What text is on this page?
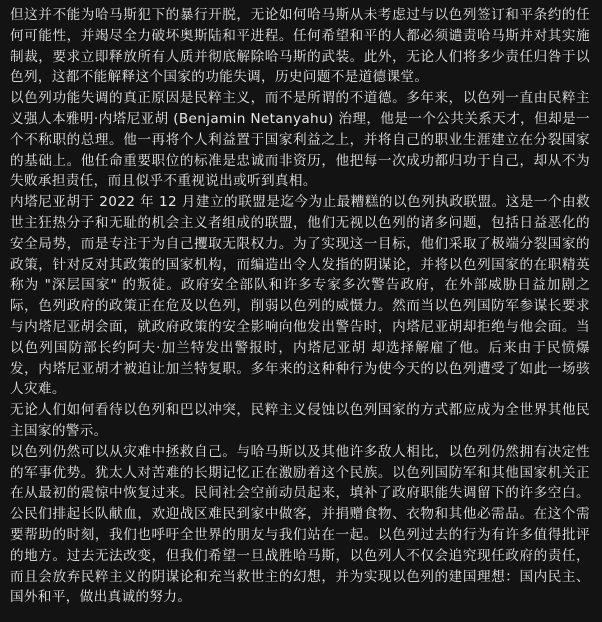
但这并不能为哈马斯犯下的暴行开脱，无论如何哈马斯从未考虑过与以色列签订和平条约的任何可能性，并竭尽全力破坏奥斯陆和平进程。任何希望和平的人都必须谴责哈马斯并对其实施制裁，要求立即释放所有人质并彻底解除哈马斯的武装。此外，无论人们将多少责任归咎于以色列，这都不能解释这个国家的功能失调，历史问题不是道德课堂。

以色列功能失调的真正原因是民粹主义，而不是所谓的不道德。多年来，以色列一直由民粹主义强人本雅明·内塔尼亚胡 (Benjamin Netanyahu) 治理，他是一个公共关系天才，但却是一个不称职的总理。他一再将个人利益置于国家利益之上，并将自己的职业生涯建立在分裂国家的基础上。他任命重要职位的标准是忠诚而非资历，他把每一次成功都归功于自己，却从不为失败承担责任，而且似乎不重视说出或听到真相。

内塔尼亚胡于 2022 年 12 月建立的联盟是迄今为止最糟糕的以色列执政联盟。这是一个由救世主狂热分子和无耻的机会主义者组成的联盟，他们无视以色列的诸多问题，包括日益恶化的安全局势，而是专注于为自己攫取无限权力。为了实现这一目标，他们采取了极端分裂国家的政策，针对反对其政策的国家机构，而编造出令人发指的阴谋论，并将以色列国家的在职精英称为 "深层国家" 的叛徒。政府安全部队和许多专家多次警告政府，在外部威胁日益加剧之际，色列政府的政策正在危及以色列，削弱以色列的威慑力。然而当以色列国防军参谋长要求与内塔尼亚胡会面，就政府政策的安全影响向他发出警告时，内塔尼亚胡却拒绝与他会面。当以色列国防部长约阿夫·加兰特发出警报时，内塔尼亚胡 却选择解雇了他。后来由于民愤爆发，内塔尼亚胡才被迫让加兰特复职。多年来的这种种行为使今天的以色列遭受了如此一场骇人灾难。

无论人们如何看待以色列和巴以冲突，民粹主义侵蚀以色列国家的方式都应成为全世界其他民主国家的警示。

以色列仍然可以从灾难中拯救自己。与哈马斯以及其他许多敌人相比，以色列仍然拥有决定性的军事优势。犹太人对苦难的长期记忆正在激励着这个民族。以色列国防军和其他国家机关正在从最初的震惊中恢复过来。民间社会空前动员起来，填补了政府职能失调留下的许多空白。公民们排起长队献血，欢迎战区难民到家中做客，并捐赠食物、衣物和其他必需品。在这个需要帮助的时刻，我们也呼吁全世界的朋友与我们站在一起。以色列过去的行为有许多值得批评的地方。过去无法改变，但我们希望一旦战胜哈马斯，以色列人不仅会追究现任政府的责任，而且会放弃民粹主义的阴谋论和充当救世主的幻想，并为实现以色列的建国理想：国内民主、国外和平，做出真诚的努力。
